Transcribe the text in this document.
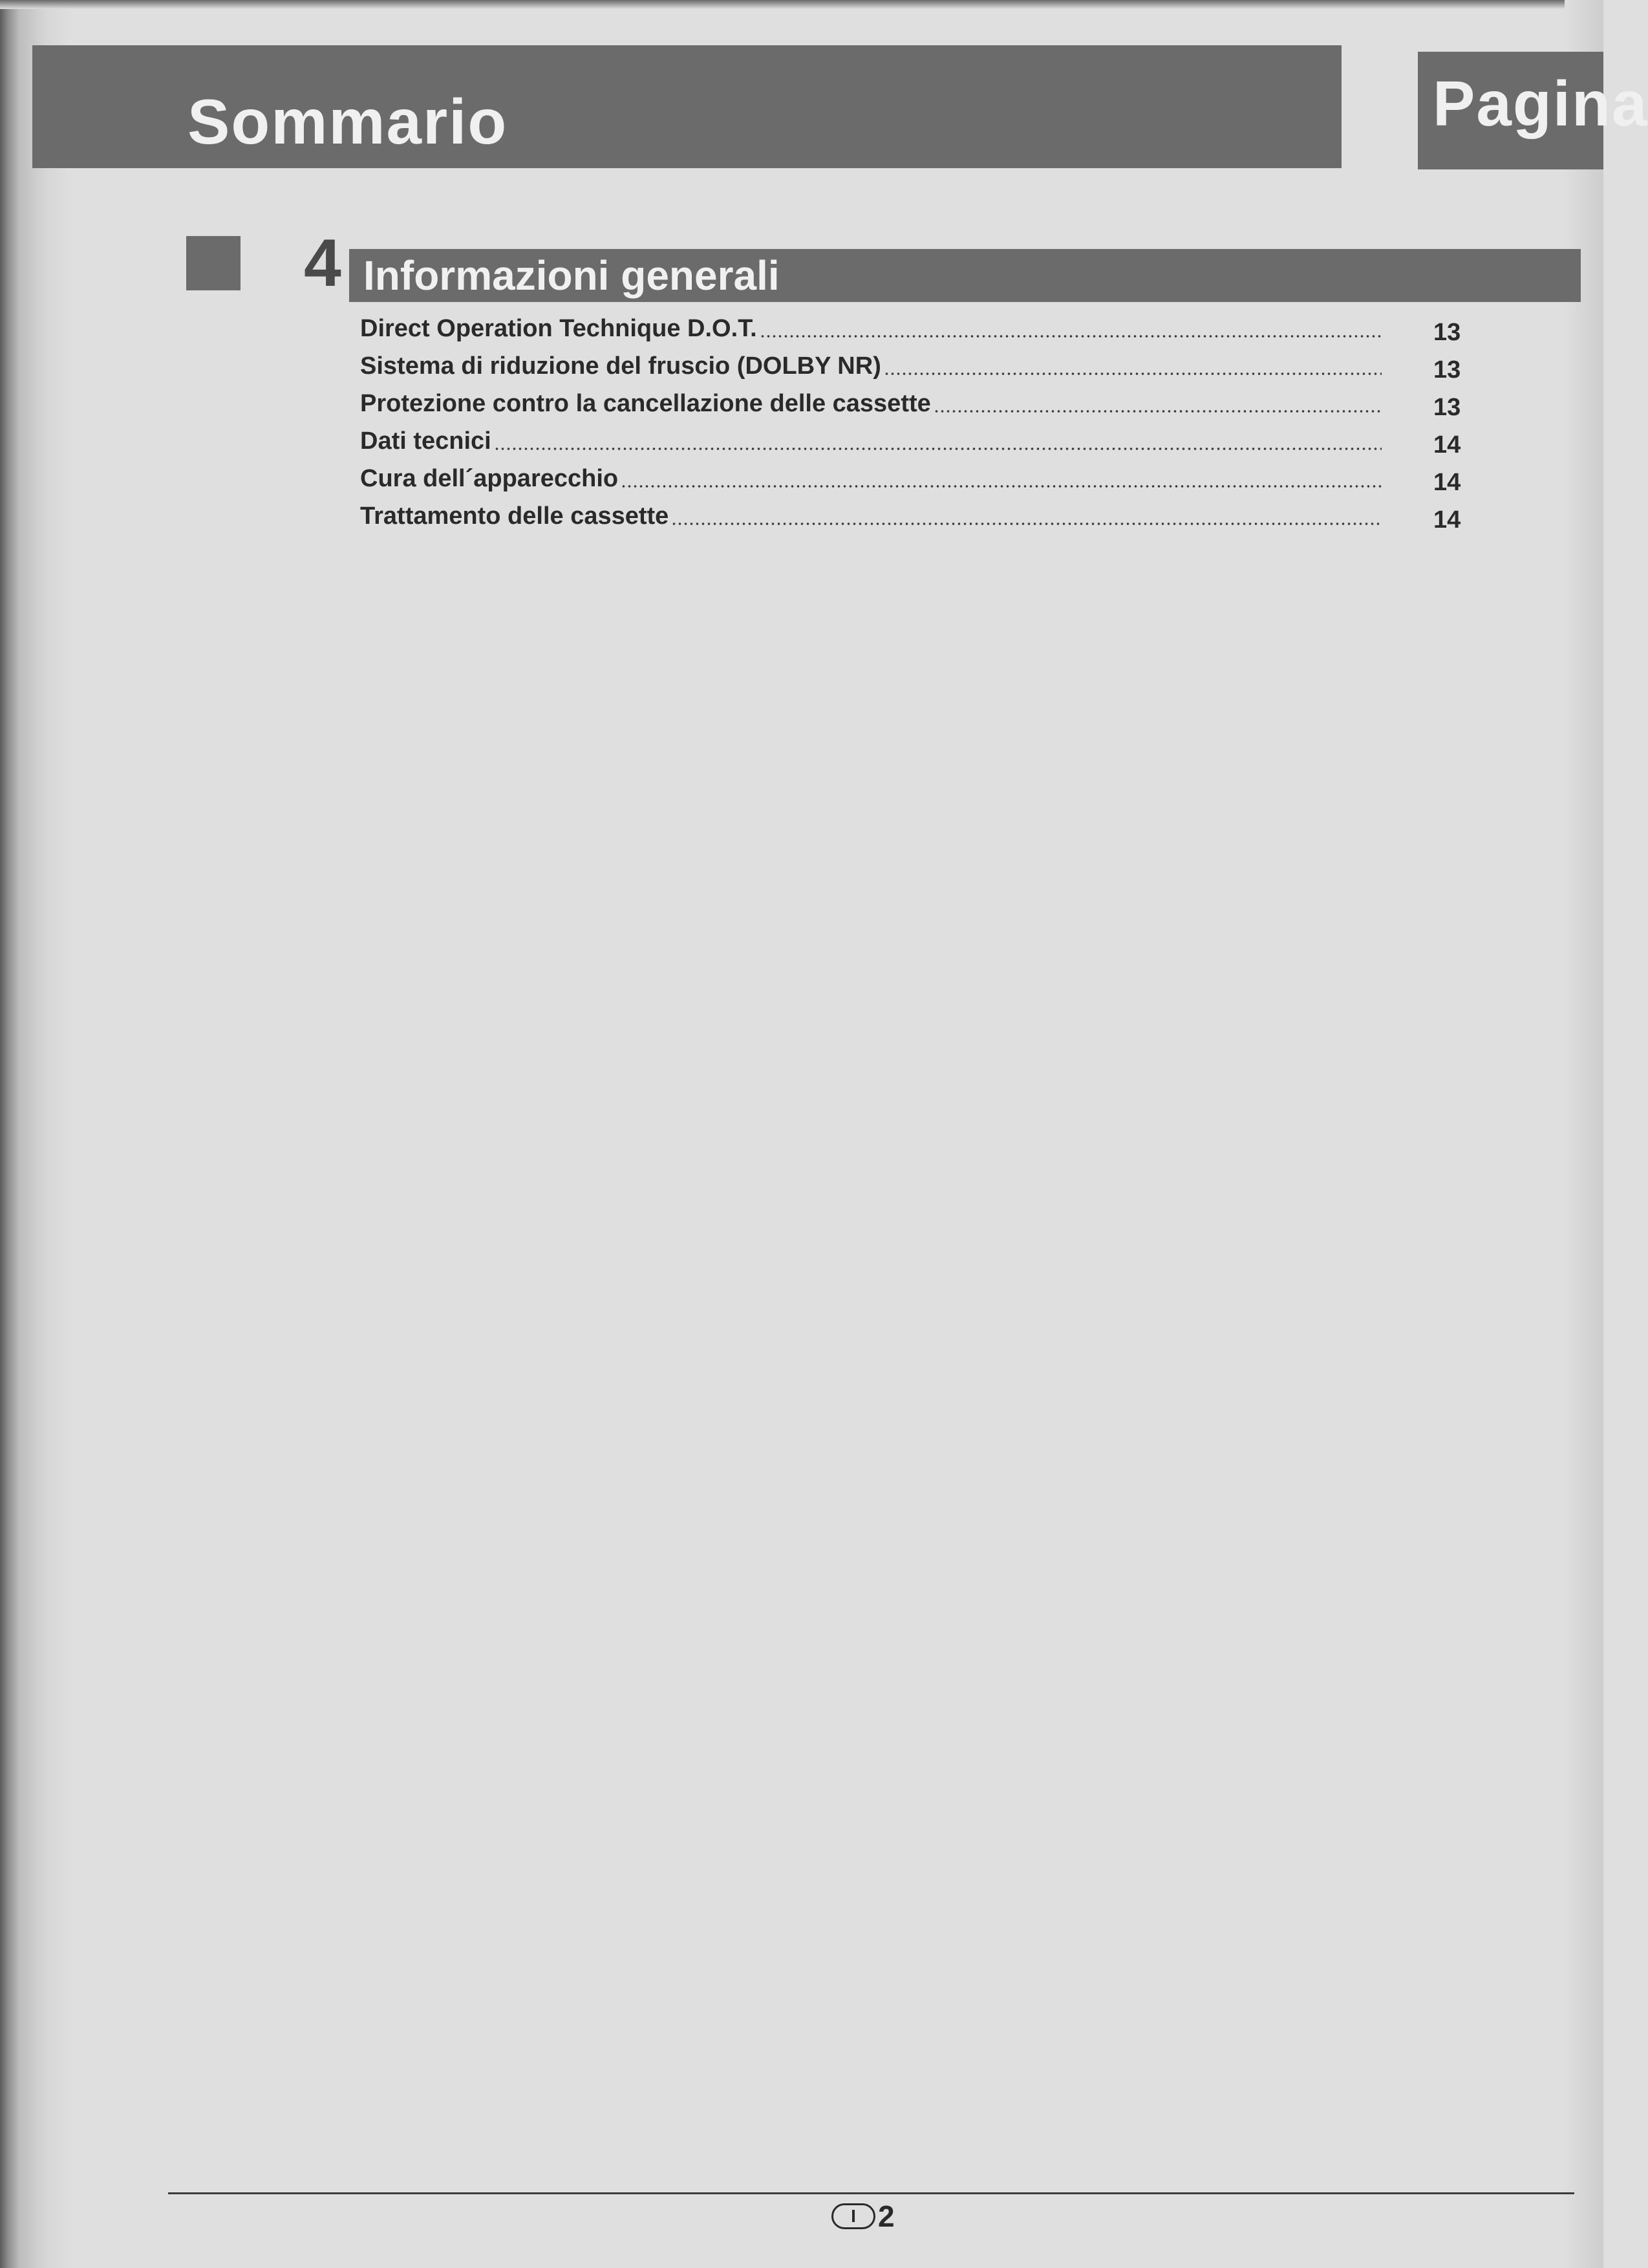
Sommario	Pagina
4 Informazioni generali
Direct Operation Technique D.O.T.	13
Sistema di riduzione del fruscio (DOLBY NR)	13
Protezione contro la cancellazione delle cassette	13
Dati tecnici	14
Cura dell´apparecchio	14
Trattamento delle cassette	14
I 2
